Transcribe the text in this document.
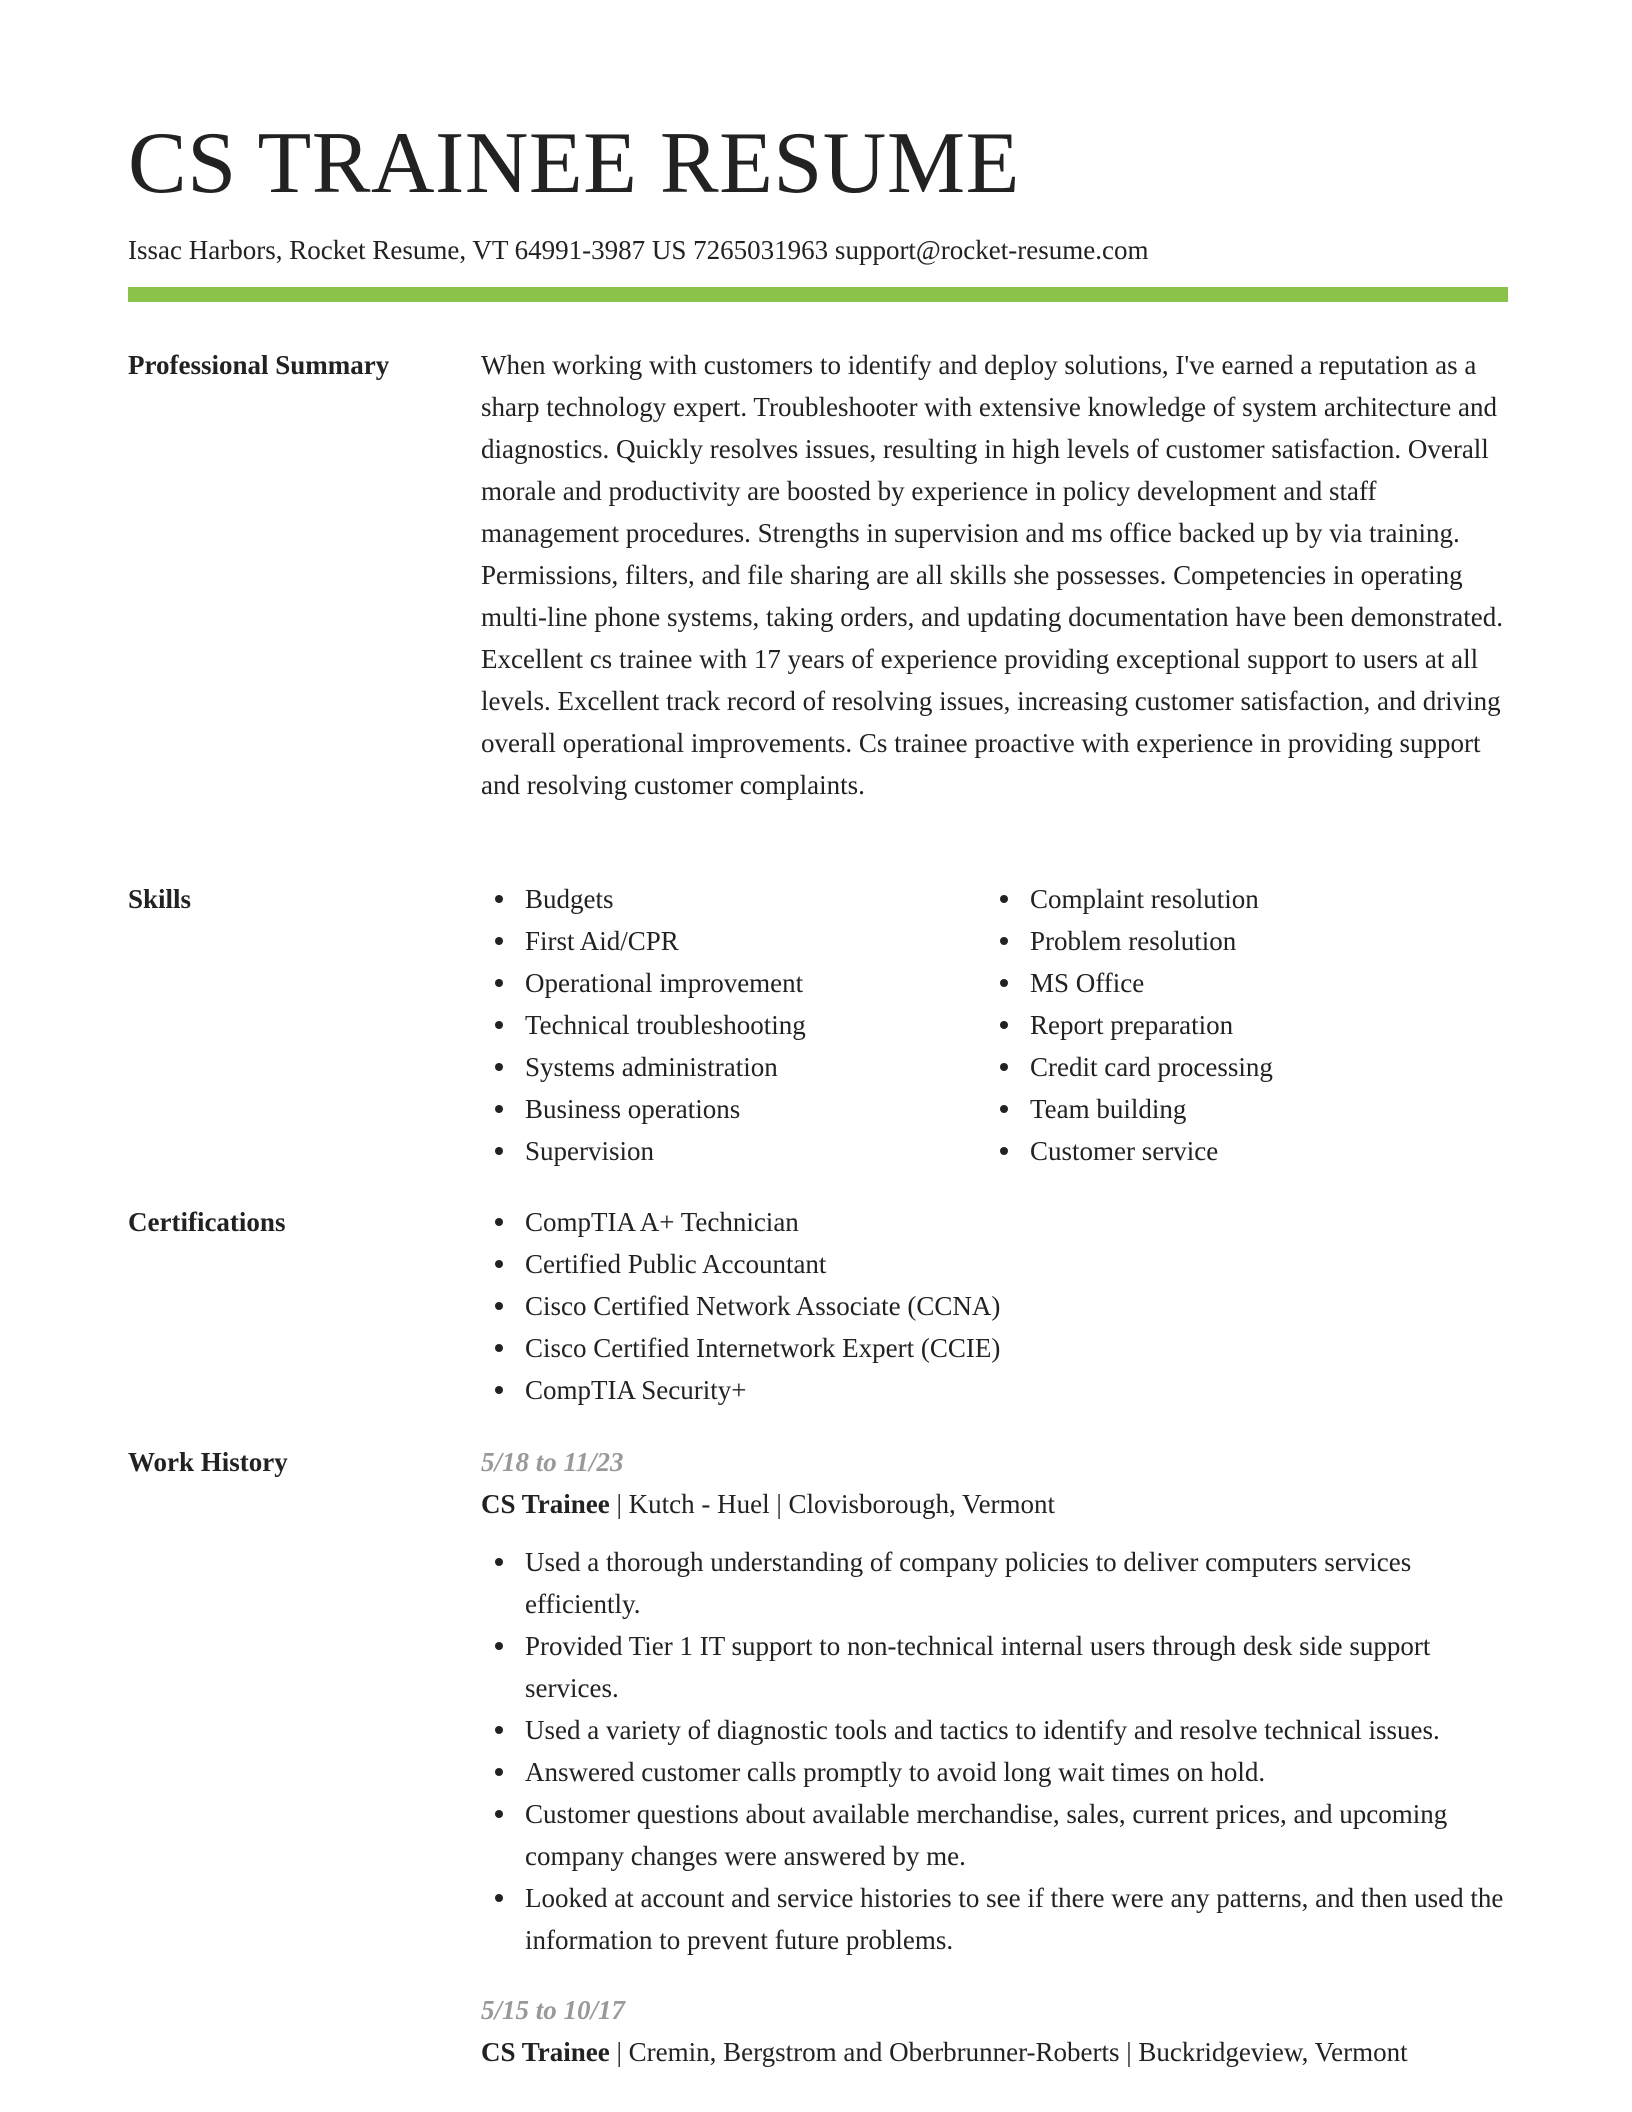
CS TRAINEE RESUME
Issac Harbors, Rocket Resume, VT 64991-3987 US 7265031963 support@rocket-resume.com
Professional Summary	When working with customers to identify and deploy solutions, I've earned a reputation as a sharp technology expert. Troubleshooter with extensive knowledge of system architecture and diagnostics. Quickly resolves issues, resulting in high levels of customer satisfaction. Overall morale and productivity are boosted by experience in policy development and staff management procedures. Strengths in supervision and ms office backed up by via training. Permissions, filters, and file sharing are all skills she possesses. Competencies in operating multi-line phone systems, taking orders, and updating documentation have been demonstrated. Excellent cs trainee with 17 years of experience providing exceptional support to users at all levels. Excellent track record of resolving issues, increasing customer satisfaction, and driving overall operational improvements. Cs trainee proactive with experience in providing support and resolving customer complaints.

Skills	Budgets
First Aid/CPR
Operational improvement
Technical troubleshooting
Systems administration
Business operations
Supervision
Complaint resolution
Problem resolution
MS Office
Report preparation
Credit card processing
Team building
Customer service
Certifications	CompTIA A+ Technician
Certified Public Accountant
Cisco Certified Network Associate (CCNA)
Cisco Certified Internetwork Expert (CCIE)
CompTIA Security+
Work History	5/18 to 11/23
CS Trainee | Kutch - Huel | Clovisborough, Vermont
Used a thorough understanding of company policies to deliver computers services efficiently.
Provided Tier 1 IT support to non-technical internal users through desk side support services.
Used a variety of diagnostic tools and tactics to identify and resolve technical issues.
Answered customer calls promptly to avoid long wait times on hold.
Customer questions about available merchandise, sales, current prices, and upcoming company changes were answered by me.
Looked at account and service histories to see if there were any patterns, and then used the information to prevent future problems.
5/15 to 10/17
CS Trainee | Cremin, Bergstrom and Oberbrunner-Roberts | Buckridgeview, Vermont
